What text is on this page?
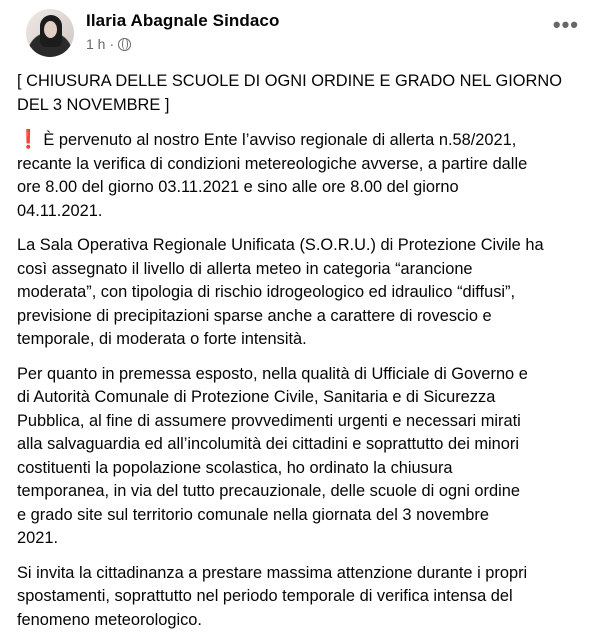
Ilaria Abagnale Sindaco
1 h ·
•••

[ CHIUSURA DELLE SCUOLE DI OGNI ORDINE E GRADO NEL GIORNO
DEL 3 NOVEMBRE ]

❗ È pervenuto al nostro Ente l’avviso regionale di allerta n.58/2021,
recante la verifica di condizioni metereologiche avverse, a partire dalle
ore 8.00 del giorno 03.11.2021 e sino alle ore 8.00 del giorno
04.11.2021.

La Sala Operativa Regionale Unificata (S.O.R.U.) di Protezione Civile ha
così assegnato il livello di allerta meteo in categoria “arancione
moderata”, con tipologia di rischio idrogeologico ed idraulico “diffusi”,
previsione di precipitazioni sparse anche a carattere di rovescio e
temporale, di moderata o forte intensità.

Per quanto in premessa esposto, nella qualità di Ufficiale di Governo e
di Autorità Comunale di Protezione Civile, Sanitaria e di Sicurezza
Pubblica, al fine di assumere provvedimenti urgenti e necessari mirati
alla salvaguardia ed all’incolumità dei cittadini e soprattutto dei minori
costituenti la popolazione scolastica, ho ordinato la chiusura
temporanea, in via del tutto precauzionale, delle scuole di ogni ordine
e grado site sul territorio comunale nella giornata del 3 novembre
2021.

Si invita la cittadinanza a prestare massima attenzione durante i propri
spostamenti, soprattutto nel periodo temporale di verifica intensa del
fenomeno meteorologico.
